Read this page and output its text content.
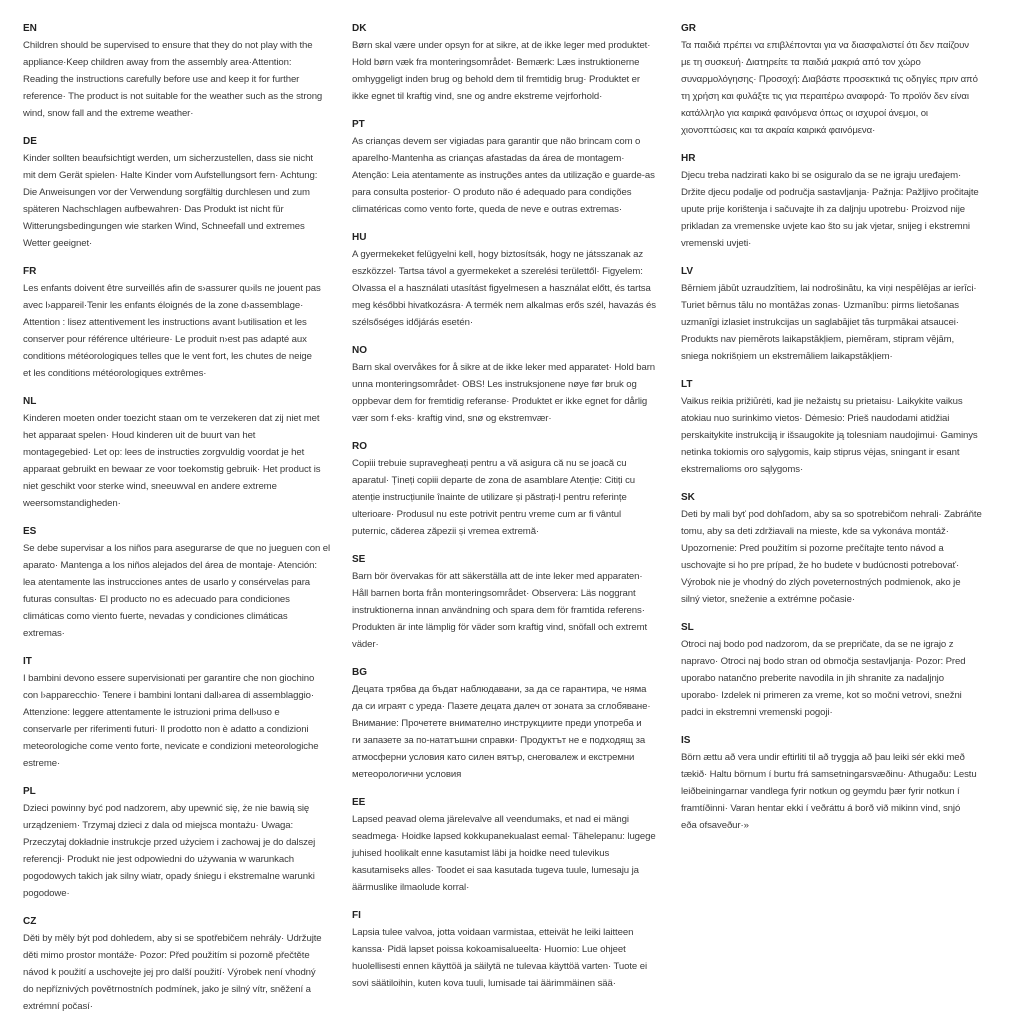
EN
Children should be supervised to ensure that they do not play with the
appliance·Keep children away from the assembly area·Attention:
Reading the instructions carefully before use and keep it for further
reference· The product is not suitable for the weather such as the strong
wind, snow fall and the extreme weather·
DE
Kinder sollten beaufsichtigt werden, um sicherzustellen, dass sie nicht
mit dem Gerät spielen· Halte Kinder vom Aufstellungsort fern· Achtung:
Die Anweisungen vor der Verwendung sorgfältig durchlesen und zum
späteren Nachschlagen aufbewahren· Das Produkt ist nicht für
Witterungsbedingungen wie starken Wind, Schneefall und extremes
Wetter geeignet·
FR
Les enfants doivent être surveillés afin de s›assurer qu›ils ne jouent pas
avec l›appareil·Tenir les enfants éloignés de la zone d›assemblage·
Attention : lisez attentivement les instructions avant l›utilisation et les
conserver pour référence ultérieure· Le produit n›est pas adapté aux
conditions météorologiques telles que le vent fort, les chutes de neige
et les conditions météorologiques extrêmes·
NL
Kinderen moeten onder toezicht staan om te verzekeren dat zij niet met
het apparaat spelen· Houd kinderen uit de buurt van het
montagegebied· Let op: lees de instructies zorgvuldig voordat je het
apparaat gebruikt en bewaar ze voor toekomstig gebruik· Het product is
niet geschikt voor sterke wind, sneeuwval en andere extreme
weersomstandigheden·
ES
Se debe supervisar a los niños para asegurarse de que no jueguen con el
aparato· Mantenga a los niños alejados del área de montaje· Atención:
lea atentamente las instrucciones antes de usarlo y consérvelas para
futuras consultas· El producto no es adecuado para condiciones
climáticas como viento fuerte, nevadas y condiciones climáticas
extremas·
IT
I bambini devono essere supervisionati per garantire che non giochino
con l›apparecchio· Tenere i bambini lontani dall›area di assemblaggio·
Attenzione: leggere attentamente le istruzioni prima dell›uso e
conservarle per riferimenti futuri· Il prodotto non è adatto a condizioni
meteorologiche come vento forte, nevicate e condizioni meteorologiche
estreme·
PL
Dzieci powinny być pod nadzorem, aby upewnić się, że nie bawią się
urządzeniem· Trzymaj dzieci z dala od miejsca montażu· Uwaga:
Przeczytaj dokładnie instrukcje przed użyciem i zachowaj je do dalszej
referencji· Produkt nie jest odpowiedni do używania w warunkach
pogodowych takich jak silny wiatr, opady śniegu i ekstremalne warunki
pogodowe·
CZ
Děti by měly být pod dohledem, aby si se spotřebičem nehrály· Udržujte
děti mimo prostor montáže· Pozor: Před použitím si pozorně přečtěte
návod k použití a uschovejte jej pro další použití· Výrobek není vhodný
do nepříznivých povětrnostních podmínek, jako je silný vítr, sněžení a
extrémní počasí·
DK
Børn skal være under opsyn for at sikre, at de ikke leger med produktet·
Hold børn væk fra monteringsområdet· Bemærk: Læs instruktionerne
omhyggeligt inden brug og behold dem til fremtidig brug· Produktet er
ikke egnet til kraftig vind, sne og andre ekstreme vejrforhold·
PT
As crianças devem ser vigiadas para garantir que não brincam com o
aparelho·Mantenha as crianças afastadas da área de montagem·
Atenção: Leia atentamente as instruções antes da utilização e guarde-as
para consulta posterior· O produto não é adequado para condições
climatéricas como vento forte, queda de neve e outras extremas·
HU
A gyermekeket felügyelni kell, hogy biztosítsák, hogy ne játsszanak az
eszközzel· Tartsa távol a gyermekeket a szerelési területtől· Figyelem:
Olvassa el a használati utasítást figyelmesen a használat előtt, és tartsa
meg későbbi hivatkozásra· A termék nem alkalmas erős szél, havazás és
szélsőséges időjárás esetén·
NO
Barn skal overvåkes for å sikre at de ikke leker med apparatet· Hold barn
unna monteringsområdet· OBS! Les instruksjonene nøye før bruk og
oppbevar dem for fremtidig referanse· Produktet er ikke egnet for dårlig
vær som f·eks· kraftig vind, snø og ekstremvær·
RO
Copiii trebuie supravegheați pentru a vă asigura că nu se joacă cu
aparatul· Țineți copiii departe de zona de asamblare Atenție: Citiți cu
atenție instrucțiunile înainte de utilizare și păstrați-l pentru referințe
ulterioare· Produsul nu este potrivit pentru vreme cum ar fi vântul
puternic, căderea zăpezii și vremea extremă·
SE
Barn bör övervakas för att säkerställa att de inte leker med apparaten·
Håll barnen borta från monteringsområdet· Observera: Läs noggrant
instruktionerna innan användning och spara dem för framtida referens·
Produkten är inte lämplig för väder som kraftig vind, snöfall och extremt
väder·
BG
Децата трябва да бъдат наблюдавани, за да се гарантира, че няма
да си играят с уреда· Пазете децата далеч от зоната за сглобяване·
Внимание: Прочетете внимателно инструкциите преди употреба и
ги запазете за по-нататъшни справки· Продуктът не е подходящ за
атмосферни условия като силен вятър, снеговалеж и екстремни
метеорологични условия
EE
Lapsed peavad olema järelevalve all veendumaks, et nad ei mängi
seadmega· Hoidke lapsed kokkupanekualast eemal· Tähelepanu: lugege
juhised hoolikalt enne kasutamist läbi ja hoidke need tulevikus
kasutamiseks alles· Toodet ei saa kasutada tugeva tuule, lumesaju ja
äärmuslike ilmaolude korral·
FI
Lapsia tulee valvoa, jotta voidaan varmistaa, etteivät he leiki laitteen
kanssa· Pidä lapset poissa kokoamisalueelta· Huomio: Lue ohjeet
huolellisesti ennen käyttöä ja säilytä ne tulevaa käyttöä varten· Tuote ei
sovi säätiloihin, kuten kova tuuli, lumisade tai äärimmäinen sää·
GR
Τα παιδιά πρέπει να επιβλέπονται για να διασφαλιστεί ότι δεν παίζουν
με τη συσκευή· Διατηρείτε τα παιδιά μακριά από τον χώρο
συναρμολόγησης· Προσοχή: Διαβάστε προσεκτικά τις οδηγίες πριν από
τη χρήση και φυλάξτε τις για περαιτέρω αναφορά· Το προϊόν δεν είναι
κατάλληλο για καιρικά φαινόμενα όπως οι ισχυροί άνεμοι, οι
χιονοπτώσεις και τα ακραία καιρικά φαινόμενα·
HR
Djecu treba nadzirati kako bi se osiguralo da se ne igraju uređajem·
Držite djecu podalje od područja sastavljanja· Pažnja: Pažljivo pročitajte
upute prije korištenja i sačuvajte ih za daljnju upotrebu· Proizvod nije
prikladan za vremenske uvjete kao što su jak vjetar, snijeg i ekstremni
vremenski uvjeti·
LV
Bērniem jābūt uzraudzītiem, lai nodrošinātu, ka viņi nespēlējas ar ierīci·
Turiet bērnus tālu no montāžas zonas· Uzmanību: pirms lietošanas
uzmanīgi izlasiet instrukcijas un saglabājiet tās turpmākai atsaucei·
Produkts nav piemērots laikapstākļiem, piemēram, stipram vējām,
sniega nokrišņiem un ekstremāliem laikapstākļiem·
LT
Vaikus reikia prižiūrėti, kad jie nežaistų su prietaisu· Laikykite vaikus
atokiau nuo surinkimo vietos· Dėmesio: Prieš naudodami atidžiai
perskaitykite instrukciją ir išsaugokite ją tolesniam naudojimui· Gaminys
netinka tokiomis oro sąlygomis, kaip stiprus vėjas, sningant ir esant
ekstremalioms oro sąlygoms·
SK
Deti by mali byť pod dohľadom, aby sa so spotrebičom nehrali· Zabráňte
tomu, aby sa deti zdržiavali na mieste, kde sa vykonáva montáž·
Upozornenie: Pred použitím si pozorne prečítajte tento návod a
uschovajte si ho pre prípad, že ho budete v budúcnosti potrebovať·
Výrobok nie je vhodný do zlých poveternostných podmienok, ako je
silný vietor, sneženie a extrémne počasie·
SL
Otroci naj bodo pod nadzorom, da se prepričate, da se ne igrajo z
napravo· Otroci naj bodo stran od območja sestavljanja· Pozor: Pred
uporabo natančno preberite navodila in jih shranite za nadaljnjo
uporabo· Izdelek ni primeren za vreme, kot so močni vetrovi, snežni
padci in ekstremni vremenski pogoji·
IS
Börn ættu að vera undir eftirliti til að tryggja að þau leiki sér ekki með
tækið· Haltu börnum í burtu frá samsetningarsvæðinu· Athugaðu: Lestu
leiðbeiningarnar vandlega fyrir notkun og geymdu þær fyrir notkun í
framtíðinni· Varan hentar ekki í veðráttu á borð við mikinn vind, snjó
eða ofsaveður·»
